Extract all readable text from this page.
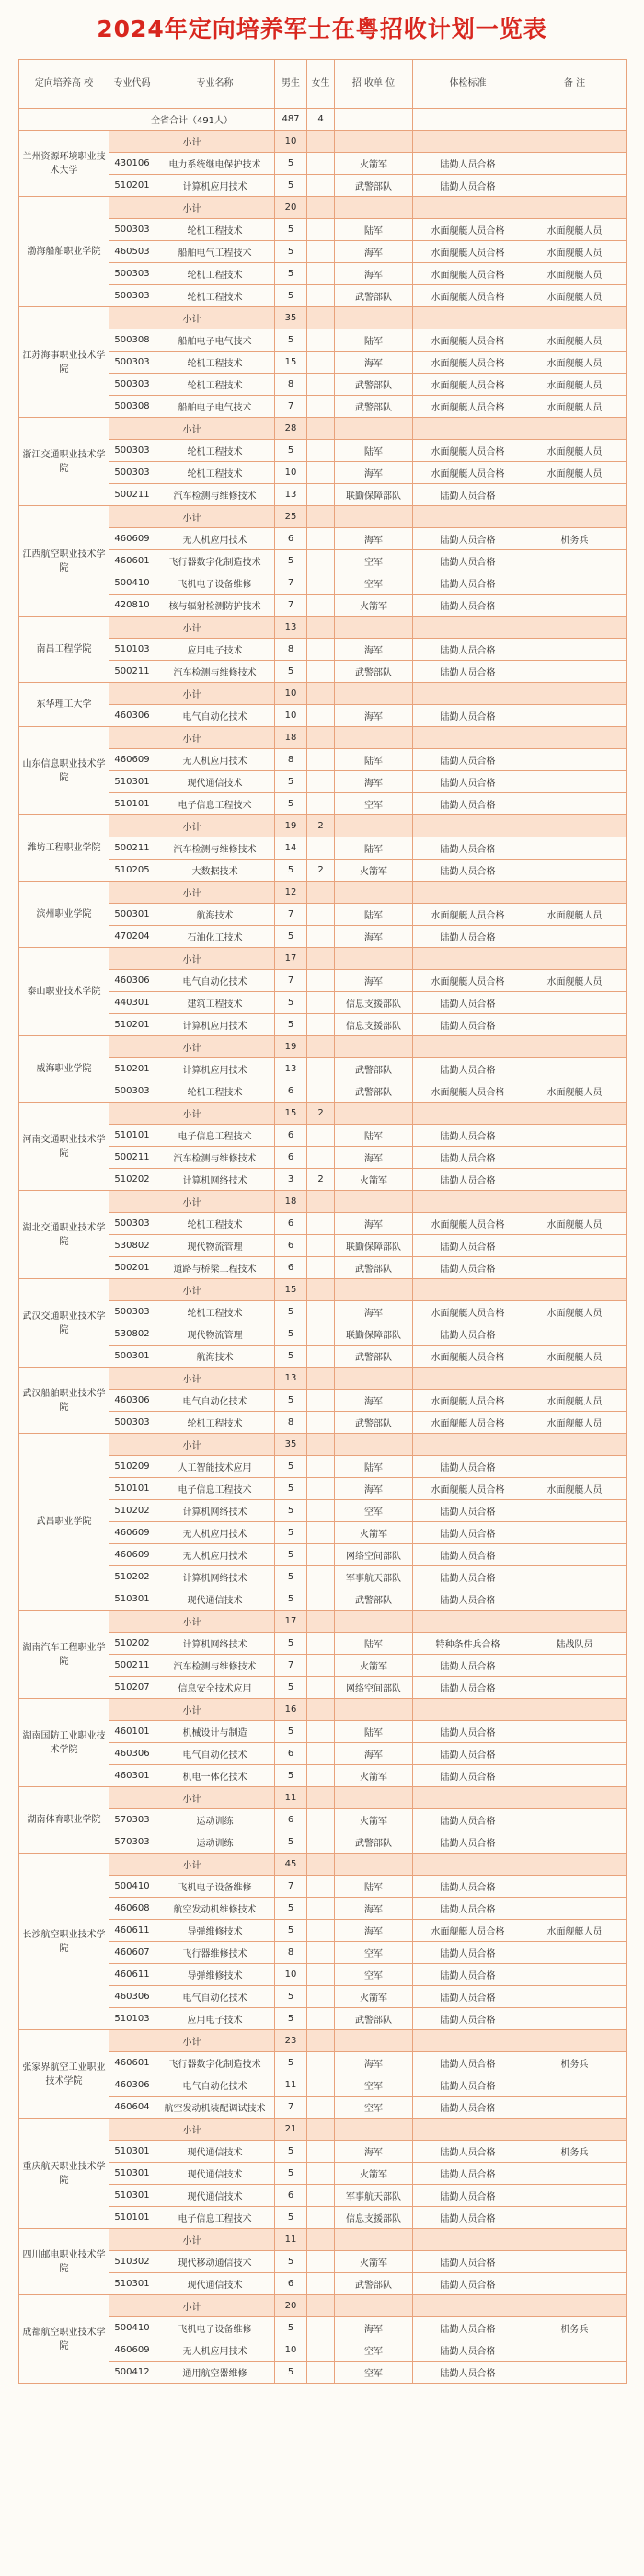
2024年定向培养军士在粤招收计划一览表
定向培养高 校	专业代码	专业名称	男生	女生	招 收单 位	体检标准	备 注
	全省合计（491人）		487	4			
兰州资源环境职业技术大学	小计		10				
	430106	电力系统继电保护技术	5		火箭军	陆勤人员合格	
	510201	计算机应用技术	5		武警部队	陆勤人员合格	
渤海船舶职业学院	小计		20				
	500303	轮机工程技术	5		陆军	水面舰艇人员合格	水面舰艇人员
	460503	船舶电气工程技术	5		海军	水面舰艇人员合格	水面舰艇人员
	500303	轮机工程技术	5		海军	水面舰艇人员合格	水面舰艇人员
	500303	轮机工程技术	5		武警部队	水面舰艇人员合格	水面舰艇人员
江苏海事职业技术学院	小计		35				
	500308	船舶电子电气技术	5		陆军	水面舰艇人员合格	水面舰艇人员
	500303	轮机工程技术	15		海军	水面舰艇人员合格	水面舰艇人员
	500303	轮机工程技术	8		武警部队	水面舰艇人员合格	水面舰艇人员
	500308	船舶电子电气技术	7		武警部队	水面舰艇人员合格	水面舰艇人员
浙江交通职业技术学院	小计		28				
	500303	轮机工程技术	5		陆军	水面舰艇人员合格	水面舰艇人员
	500303	轮机工程技术	10		海军	水面舰艇人员合格	水面舰艇人员
	500211	汽车检测与维修技术	13		联勤保障部队	陆勤人员合格	
江西航空职业技术学院	小计		25				
	460609	无人机应用技术	6		海军	陆勤人员合格	机务兵
	460601	飞行器数字化制造技术	5		空军	陆勤人员合格	
	500410	飞机电子设备维修	7		空军	陆勤人员合格	
	420810	核与辐射检测防护技术	7		火箭军	陆勤人员合格	
南昌工程学院	小计		13				
	510103	应用电子技术	8		海军	陆勤人员合格	
	500211	汽车检测与维修技术	5		武警部队	陆勤人员合格	
东华理工大学	小计		10				
	460306	电气自动化技术	10		海军	陆勤人员合格	
山东信息职业技术学院	小计		18				
	460609	无人机应用技术	8		陆军	陆勤人员合格	
	510301	现代通信技术	5		海军	陆勤人员合格	
	510101	电子信息工程技术	5		空军	陆勤人员合格	
潍坊工程职业学院	小计		19	2			
	500211	汽车检测与维修技术	14		陆军	陆勤人员合格	
	510205	大数据技术	5	2	火箭军	陆勤人员合格	
滨州职业学院	小计		12				
	500301	航海技术	7		陆军	水面舰艇人员合格	水面舰艇人员
	470204	石油化工技术	5		海军	陆勤人员合格	
泰山职业技术学院	小计		17				
	460306	电气自动化技术	7		海军	水面舰艇人员合格	水面舰艇人员
	440301	建筑工程技术	5		信息支援部队	陆勤人员合格	
	510201	计算机应用技术	5		信息支援部队	陆勤人员合格	
威海职业学院	小计		19				
	510201	计算机应用技术	13		武警部队	陆勤人员合格	
	500303	轮机工程技术	6		武警部队	水面舰艇人员合格	水面舰艇人员
河南交通职业技术学院	小计		15	2			
	510101	电子信息工程技术	6		陆军	陆勤人员合格	
	500211	汽车检测与维修技术	6		海军	陆勤人员合格	
	510202	计算机网络技术	3	2	火箭军	陆勤人员合格	
湖北交通职业技术学院	小计		18				
	500303	轮机工程技术	6		海军	水面舰艇人员合格	水面舰艇人员
	530802	现代物流管理	6		联勤保障部队	陆勤人员合格	
	500201	道路与桥梁工程技术	6		武警部队	陆勤人员合格	
武汉交通职业技术学院	小计		15				
	500303	轮机工程技术	5		海军	水面舰艇人员合格	水面舰艇人员
	530802	现代物流管理	5		联勤保障部队	陆勤人员合格	
	500301	航海技术	5		武警部队	水面舰艇人员合格	水面舰艇人员
武汉船舶职业技术学院	小计		13				
	460306	电气自动化技术	5		海军	水面舰艇人员合格	水面舰艇人员
	500303	轮机工程技术	8		武警部队	水面舰艇人员合格	水面舰艇人员
武昌职业学院	小计		35				
	510209	人工智能技术应用	5		陆军	陆勤人员合格	
	510101	电子信息工程技术	5		海军	水面舰艇人员合格	水面舰艇人员
	510202	计算机网络技术	5		空军	陆勤人员合格	
	460609	无人机应用技术	5		火箭军	陆勤人员合格	
	460609	无人机应用技术	5		网络空间部队	陆勤人员合格	
	510202	计算机网络技术	5		军事航天部队	陆勤人员合格	
	510301	现代通信技术	5		武警部队	陆勤人员合格	
湖南汽车工程职业学院	小计		17				
	510202	计算机网络技术	5		陆军	特种条件兵合格	陆战队员
	500211	汽车检测与维修技术	7		火箭军	陆勤人员合格	
	510207	信息安全技术应用	5		网络空间部队	陆勤人员合格	
湖南国防工业职业技术学院	小计		16				
	460101	机械设计与制造	5		陆军	陆勤人员合格	
	460306	电气自动化技术	6		海军	陆勤人员合格	
	460301	机电一体化技术	5		火箭军	陆勤人员合格	
湖南体育职业学院	小计		11				
	570303	运动训练	6		火箭军	陆勤人员合格	
	570303	运动训练	5		武警部队	陆勤人员合格	
长沙航空职业技术学院	小计		45				
	500410	飞机电子设备维修	7		陆军	陆勤人员合格	
	460608	航空发动机维修技术	5		海军	陆勤人员合格	
	460611	导弹维修技术	5		海军	水面舰艇人员合格	水面舰艇人员
	460607	飞行器维修技术	8		空军	陆勤人员合格	
	460611	导弹维修技术	10		空军	陆勤人员合格	
	460306	电气自动化技术	5		火箭军	陆勤人员合格	
	510103	应用电子技术	5		武警部队	陆勤人员合格	
张家界航空工业职业技术学院	小计		23				
	460601	飞行器数字化制造技术	5		海军	陆勤人员合格	机务兵
	460306	电气自动化技术	11		空军	陆勤人员合格	
	460604	航空发动机装配调试技术	7		空军	陆勤人员合格	
重庆航天职业技术学院	小计		21				
	510301	现代通信技术	5		海军	陆勤人员合格	机务兵
	510301	现代通信技术	5		火箭军	陆勤人员合格	
	510301	现代通信技术	6		军事航天部队	陆勤人员合格	
	510101	电子信息工程技术	5		信息支援部队	陆勤人员合格	
四川邮电职业技术学院	小计		11				
	510302	现代移动通信技术	5		火箭军	陆勤人员合格	
	510301	现代通信技术	6		武警部队	陆勤人员合格	
成都航空职业技术学院	小计		20				
	500410	飞机电子设备维修	5		海军	陆勤人员合格	机务兵
	460609	无人机应用技术	10		空军	陆勤人员合格	
	500412	通用航空器维修	5		空军	陆勤人员合格	
